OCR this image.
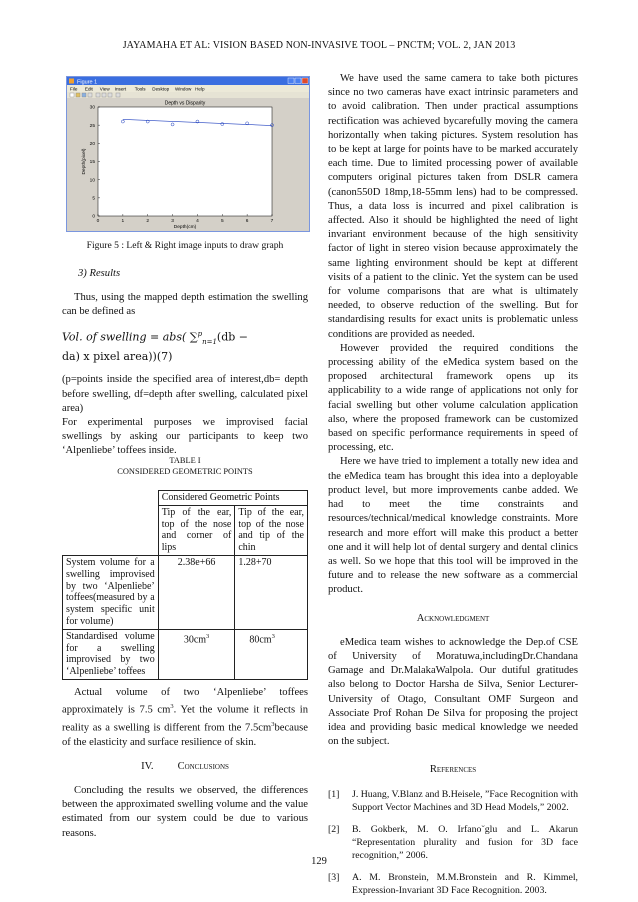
JAYAMAHA ET AL: VISION BASED NON-INVASIVE TOOL – PNCTM; VOL. 2, JAN 2013
Figure 1
File Edit View Insert Tools Desktop Window Help
Depth vs Disparity
0	1	2	3	4	5	6	7
0
5
10
15
20
25
30
Depth(cm)
Depth(pixel)
Figure 5 : Left & Right image inputs to draw graph

3) Results

Thus, using the mapped depth estimation the swelling can be defined as

Vol. of swelling = abs( ∑$^p_{n=1}$(db −
da) x pixel area))(7)

(p=points inside the specified area of interest,db= depth before swelling, df=depth after swelling, calculated pixel area)

For experimental purposes we improvised facial swellings by asking our participants to keep two ‘Alpenliebe’ toffees inside.

TABLE I
CONSIDERED GEOMETRIC POINTS
	Considered Geometric Points	
	Tip of the ear, top of the nose and corner of lips	Tip of the ear, top of the nose and tip of the chin
System volume for a swelling improvised by two ‘Alpenliebe’ toffees(measured by a system specific unit for volume)	2.38e+66	1.28+70
Standardised volume for a swelling improvised by two ‘Alpenliebe’ toffees	$30cm^3$	$80cm^3$

Actual volume of two ‘Alpenliebe’ toffees approximately is 7.5 $cm^3$. Yet the volume it reflects in reality as a swelling is different from the $7.5cm^3because$ of the elasticity and surface resilience of skin.

IV. Conclusions

Concluding the results we observed, the differences between the approximated swelling volume and the value estimated from our system could be due to various reasons.

We have used the same camera to take both pictures since no two cameras have exact intrinsic parameters and to avoid calibration. Then under practical assumptions rectification was achieved bycarefully moving the camera horizontally when taking pictures. System resolution has to be kept at large for points have to be marked accurately each time. Due to limited processing power of available computers original pictures taken from DSLR camera (canon550D 18mp,18-55mm lens) had to be compressed. Thus, a data loss is incurred and pixel calibration is affected. Also it should be highlighted the need of light invariant environment because of the high sensitivity factor of light in stereo vision because approximately the same lighting environment should be kept at different visits of a patient to the clinic. Yet the system can be used for volume comparisons that are what is ultimately needed, to observe reduction of the swelling. But for standardising results for exact units is problematic unless conditions are provided as needed.

However provided the required conditions the processing ability of the eMedica system based on the proposed architectural framework opens up its applicability to a wide range of applications not only for facial swelling but other volume calculation application also, where the proposed framework can be customized based on specific performance requirements in speed of processing, etc.

Here we have tried to implement a totally new idea and the eMedica team has brought this idea into a deployable product level, but more improvements canbe added. We had to meet the time constraints and resources/technical/medical knowledge constraints. More research and more effort will make this product a better one and it will help lot of dental surgery and dental clinics as well. So we hope that this tool will be improved in the future and to release the new software as a commercial product.

Acknowledgment

eMedica team wishes to acknowledge the Dep.of CSE of University of Moratuwa,includingDr.Chandana Gamage and Dr.MalakaWalpola. Our dutiful gratitudes also belong to Doctor Harsha de Silva, Senior Lecturer-University of Otago, Consultant OMF Surgeon and Associate Prof Rohan De Silva for proposing the project idea and providing basic medical knowledge we needed on the subject.

References

[1]	J. Huang, V.Blanz and B.Heisele, ”Face Recognition with Support Vector Machines and 3D Head Models,” 2002.
[2]	B. Gokberk, M. O. Irfano˘glu and L. Akarun “Representation plurality and fusion for 3D face recognition,” 2006.
[3]	A. M. Bronstein, M.M.Bronstein and R. Kimmel, Expression-Invariant 3D Face Recognition. 2003.
129
